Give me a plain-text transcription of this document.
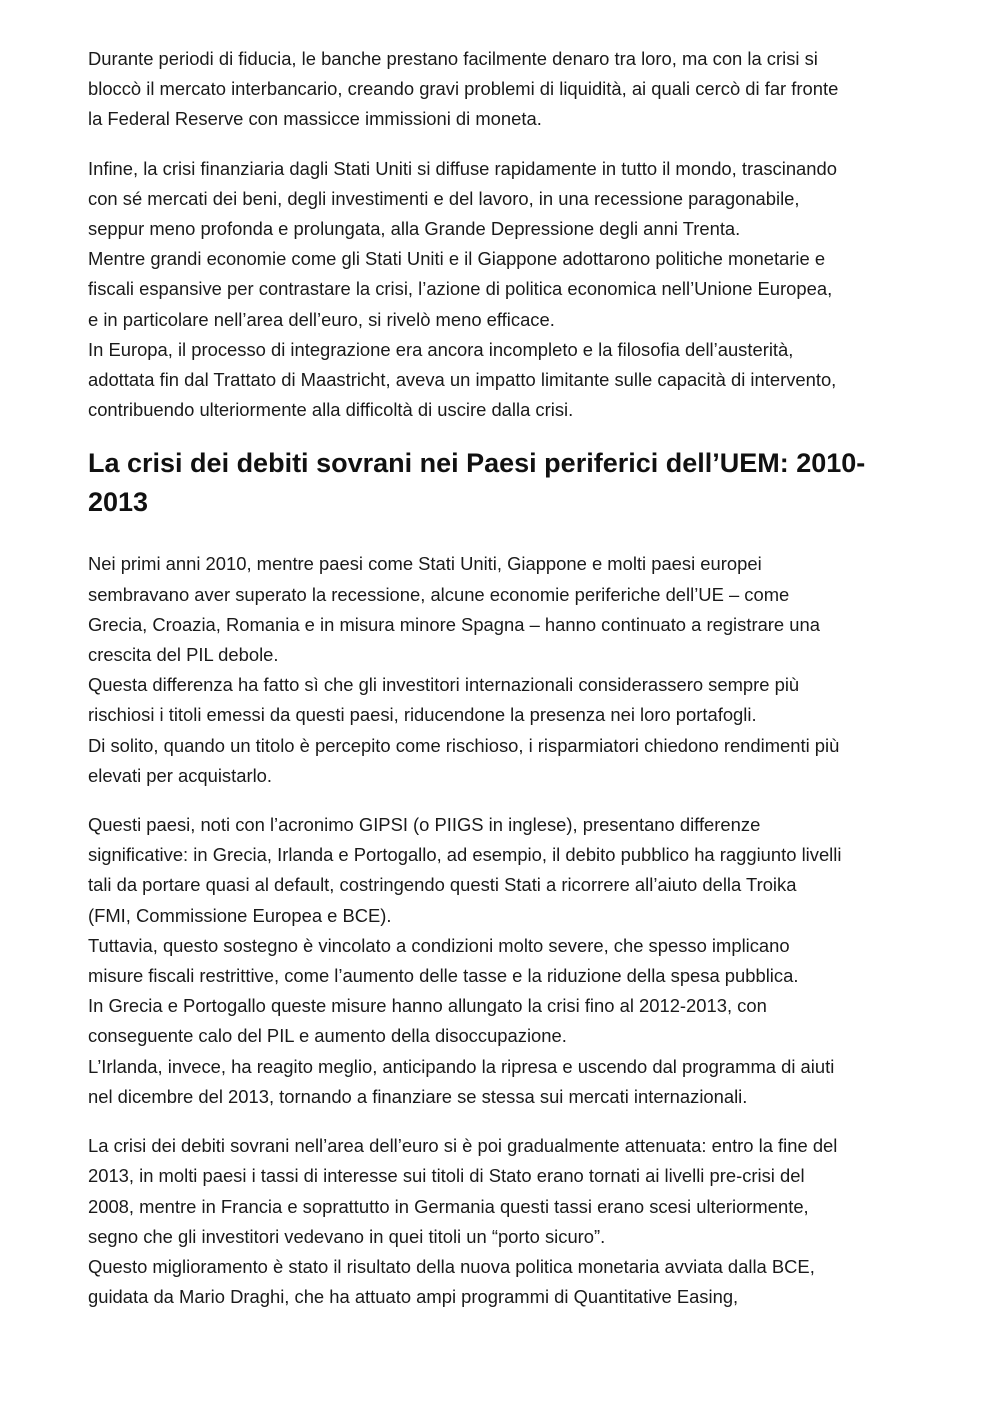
Durante periodi di fiducia, le banche prestano facilmente denaro tra loro, ma con la crisi si
bloccò il mercato interbancario, creando gravi problemi di liquidità, ai quali cercò di far fronte
la Federal Reserve con massicce immissioni di moneta.

Infine, la crisi finanziaria dagli Stati Uniti si diffuse rapidamente in tutto il mondo, trascinando
con sé mercati dei beni, degli investimenti e del lavoro, in una recessione paragonabile,
seppur meno profonda e prolungata, alla Grande Depressione degli anni Trenta.
Mentre grandi economie come gli Stati Uniti e il Giappone adottarono politiche monetarie e
fiscali espansive per contrastare la crisi, l’azione di politica economica nell’Unione Europea,
e in particolare nell’area dell’euro, si rivelò meno efficace.
In Europa, il processo di integrazione era ancora incompleto e la filosofia dell’austerità,
adottata fin dal Trattato di Maastricht, aveva un impatto limitante sulle capacità di intervento,
contribuendo ulteriormente alla difficoltà di uscire dalla crisi.

La crisi dei debiti sovrani nei Paesi periferici dell’UEM: 2010-
2013

Nei primi anni 2010, mentre paesi come Stati Uniti, Giappone e molti paesi europei
sembravano aver superato la recessione, alcune economie periferiche dell’UE – come
Grecia, Croazia, Romania e in misura minore Spagna – hanno continuato a registrare una
crescita del PIL debole.
Questa differenza ha fatto sì che gli investitori internazionali considerassero sempre più
rischiosi i titoli emessi da questi paesi, riducendone la presenza nei loro portafogli.
Di solito, quando un titolo è percepito come rischioso, i risparmiatori chiedono rendimenti più
elevati per acquistarlo.

Questi paesi, noti con l’acronimo GIPSI (o PIIGS in inglese), presentano differenze
significative: in Grecia, Irlanda e Portogallo, ad esempio, il debito pubblico ha raggiunto livelli
tali da portare quasi al default, costringendo questi Stati a ricorrere all’aiuto della Troika
(FMI, Commissione Europea e BCE).
Tuttavia, questo sostegno è vincolato a condizioni molto severe, che spesso implicano
misure fiscali restrittive, come l’aumento delle tasse e la riduzione della spesa pubblica.
In Grecia e Portogallo queste misure hanno allungato la crisi fino al 2012-2013, con
conseguente calo del PIL e aumento della disoccupazione.
L’Irlanda, invece, ha reagito meglio, anticipando la ripresa e uscendo dal programma di aiuti
nel dicembre del 2013, tornando a finanziare se stessa sui mercati internazionali.

La crisi dei debiti sovrani nell’area dell’euro si è poi gradualmente attenuata: entro la fine del
2013, in molti paesi i tassi di interesse sui titoli di Stato erano tornati ai livelli pre-crisi del
2008, mentre in Francia e soprattutto in Germania questi tassi erano scesi ulteriormente,
segno che gli investitori vedevano in quei titoli un “porto sicuro”.
Questo miglioramento è stato il risultato della nuova politica monetaria avviata dalla BCE,
guidata da Mario Draghi, che ha attuato ampi programmi di Quantitative Easing,
